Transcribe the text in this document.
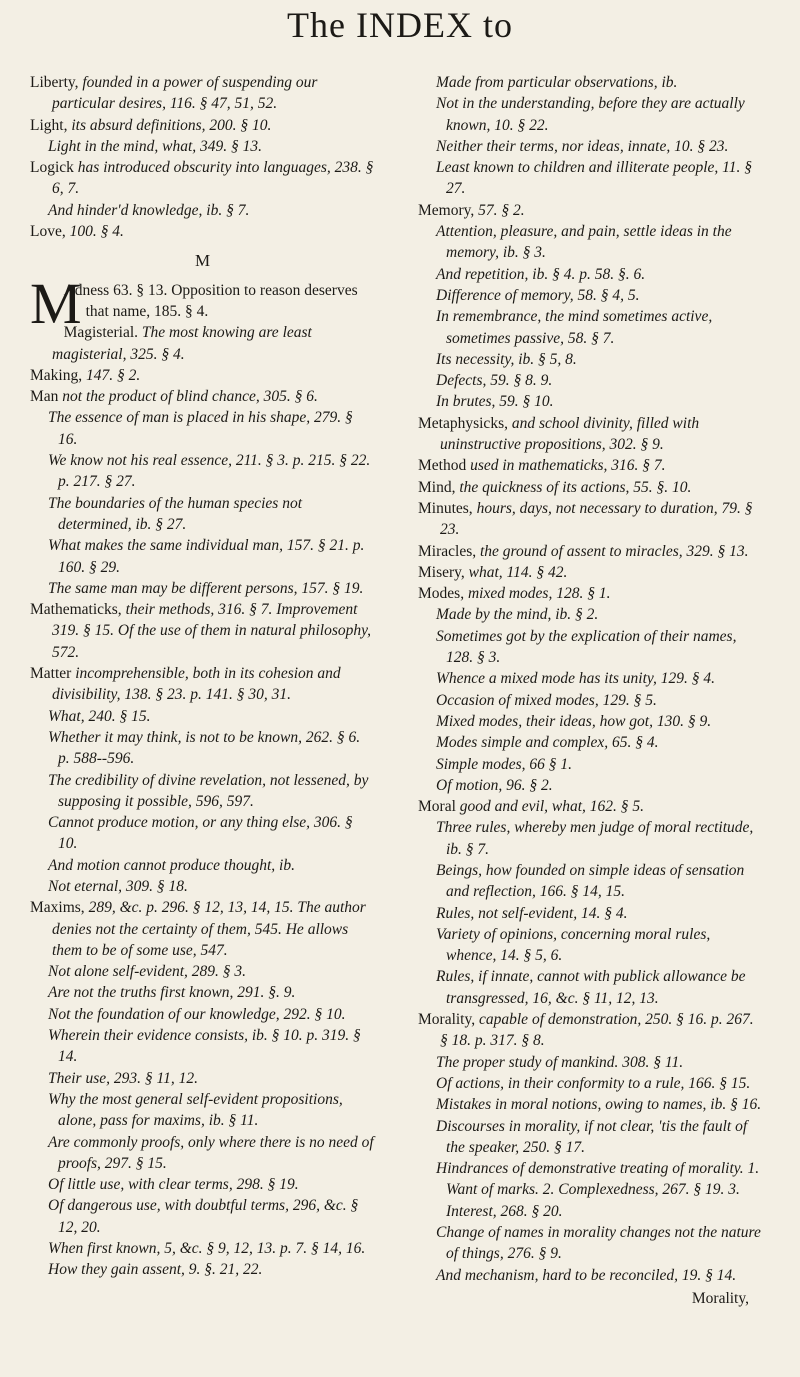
The INDEX to

Liberty, founded in a power of suspending our particular desires, 116. § 47, 51, 52.

Light, its absurd definitions, 200. § 10.

Light in the mind, what, 349. § 13.

Logick has introduced obscurity into languages, 238. § 6, 7.

And hinder'd knowledge, ib. § 7.

Love, 100. § 4.

M

M
Adness 63. § 13. Opposition to reason deserves that name, 185. § 4.

Magisterial. The most knowing are least magisterial, 325. § 4.

Making, 147. § 2.

Man not the product of blind chance, 305. § 6.

The essence of man is placed in his shape, 279. § 16.

We know not his real essence, 211. § 3. p. 215. § 22. p. 217. § 27.

The boundaries of the human species not determined, ib. § 27.

What makes the same individual man, 157. § 21. p. 160. § 29.

The same man may be different persons, 157. § 19.

Mathematicks, their methods, 316. § 7. Improvement 319. § 15. Of the use of them in natural philosophy, 572.

Matter incomprehensible, both in its cohesion and divisibility, 138. § 23. p. 141. § 30, 31.

What, 240. § 15.

Whether it may think, is not to be known, 262. § 6. p. 588--596.

The credibility of divine revelation, not lessened, by supposing it possible, 596, 597.

Cannot produce motion, or any thing else, 306. § 10.

And motion cannot produce thought, ib.

Not eternal, 309. § 18.

Maxims, 289, &c. p. 296. § 12, 13, 14, 15. The author denies not the certainty of them, 545. He allows them to be of some use, 547.

Not alone self-evident, 289. § 3.

Are not the truths first known, 291. §. 9.

Not the foundation of our knowledge, 292. § 10.

Wherein their evidence consists, ib. § 10. p. 319. § 14.

Their use, 293. § 11, 12.

Why the most general self-evident propositions, alone, pass for maxims, ib. § 11.

Are commonly proofs, only where there is no need of proofs, 297. § 15.

Of little use, with clear terms, 298. § 19.

Of dangerous use, with doubtful terms, 296, &c. § 12, 20.

When first known, 5, &c. § 9, 12, 13. p. 7. § 14, 16.

How they gain assent, 9. §. 21, 22.

Made from particular observations, ib.

Not in the understanding, before they are actually known, 10. § 22.

Neither their terms, nor ideas, innate, 10. § 23.

Least known to children and illiterate people, 11. § 27.

Memory, 57. § 2.

Attention, pleasure, and pain, settle ideas in the memory, ib. § 3.

And repetition, ib. § 4. p. 58. §. 6.

Difference of memory, 58. § 4, 5.

In remembrance, the mind sometimes active, sometimes passive, 58. § 7.

Its necessity, ib. § 5, 8.

Defects, 59. § 8. 9.

In brutes, 59. § 10.

Metaphysicks, and school divinity, filled with uninstructive propositions, 302. § 9.

Method used in mathematicks, 316. § 7.

Mind, the quickness of its actions, 55. §. 10.

Minutes, hours, days, not necessary to duration, 79. § 23.

Miracles, the ground of assent to miracles, 329. § 13.

Misery, what, 114. § 42.

Modes, mixed modes, 128. § 1.

Made by the mind, ib. § 2.

Sometimes got by the explication of their names, 128. § 3.

Whence a mixed mode has its unity, 129. § 4.

Occasion of mixed modes, 129. § 5.

Mixed modes, their ideas, how got, 130. § 9.

Modes simple and complex, 65. § 4.

Simple modes, 66 § 1.

Of motion, 96. § 2.

Moral good and evil, what, 162. § 5.

Three rules, whereby men judge of moral rectitude, ib. § 7.

Beings, how founded on simple ideas of sensation and reflection, 166. § 14, 15.

Rules, not self-evident, 14. § 4.

Variety of opinions, concerning moral rules, whence, 14. § 5, 6.

Rules, if innate, cannot with publick allowance be transgressed, 16, &c. § 11, 12, 13.

Morality, capable of demonstration, 250. § 16. p. 267. § 18. p. 317. § 8.

The proper study of mankind. 308. § 11.

Of actions, in their conformity to a rule, 166. § 15.

Mistakes in moral notions, owing to names, ib. § 16.

Discourses in morality, if not clear, 'tis the fault of the speaker, 250. § 17.

Hindrances of demonstrative treating of morality. 1. Want of marks. 2. Complexedness, 267. § 19. 3. Interest, 268. § 20.

Change of names in morality changes not the nature of things, 276. § 9.

And mechanism, hard to be reconciled, 19. § 14.

Morality,
